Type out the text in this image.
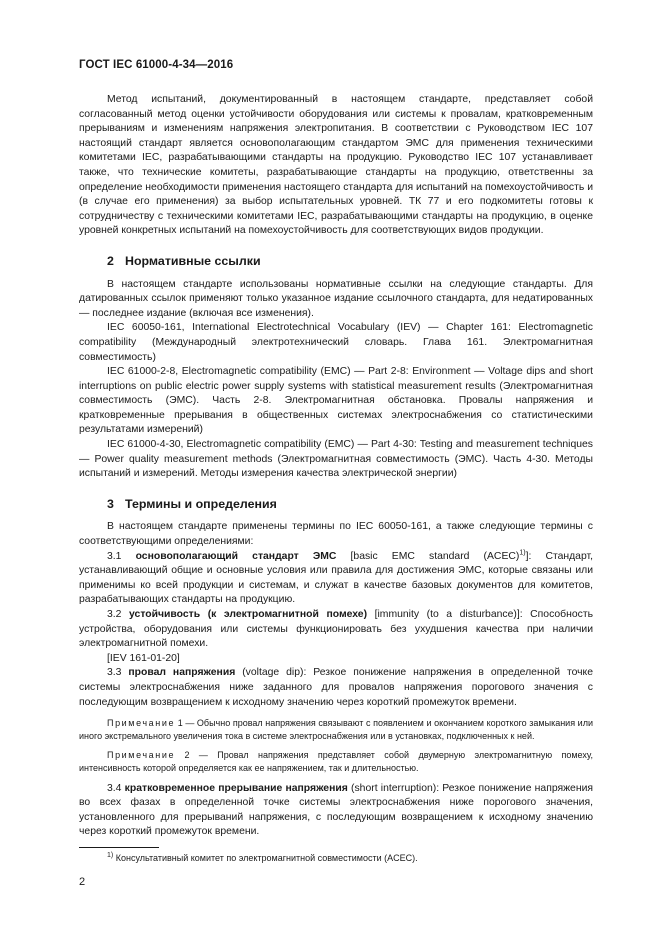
ГОСТ IEC 61000-4-34—2016

Метод испытаний, документированный в настоящем стандарте, представляет собой согласованный метод оценки устойчивости оборудования или системы к провалам, кратковременным прерываниям и изменениям напряжения электропитания. В соответствии с Руководством IEC 107 настоящий стандарт является основополагающим стандартом ЭМС для применения техническими комитетами IEC, разрабатывающими стандарты на продукцию. Руководство IEC 107 устанавливает также, что технические комитеты, разрабатывающие стандарты на продукцию, ответственны за определение необходимости применения настоящего стандарта для испытаний на помехоустойчивость и (в случае его применения) за выбор испытательных уровней. ТК 77 и его подкомитеты готовы к сотрудничеству с техническими комитетами IEC, разрабатывающими стандарты на продукцию, в оценке уровней конкретных испытаний на помехоустойчивость для соответствующих видов продукции.

2 Нормативные ссылки

В настоящем стандарте использованы нормативные ссылки на следующие стандарты. Для датированных ссылок применяют только указанное издание ссылочного стандарта, для недатированных — последнее издание (включая все изменения).

IEC 60050-161, International Electrotechnical Vocabulary (IEV) — Chapter 161: Electromagnetic compatibility (Международный электротехнический словарь. Глава 161. Электромагнитная совместимость)

IEC 61000-2-8, Electromagnetic compatibility (EMC) — Part 2-8: Environment — Voltage dips and short interruptions on public electric power supply systems with statistical measurement results (Электромагнитная совместимость (ЭМС). Часть 2-8. Электромагнитная обстановка. Провалы напряжения и кратковременные прерывания в общественных системах электроснабжения со статистическими результатами измерений)

IEC 61000-4-30, Electromagnetic compatibility (EMC) — Part 4-30: Testing and measurement techniques — Power quality measurement methods (Электромагнитная совместимость (ЭМС). Часть 4-30. Методы испытаний и измерений. Методы измерения качества электрической энергии)

3 Термины и определения

В настоящем стандарте применены термины по IEC 60050-161, а также следующие термины с соответствующими определениями:

3.1 основополагающий стандарт ЭМС [basic EMC standard (ACEC)$^{1)}$]: Стандарт, устанавливающий общие и основные условия или правила для достижения ЭМС, которые связаны или применимы ко всей продукции и системам, и служат в качестве базовых документов для комитетов, разрабатывающих стандарты на продукцию.

3.2 устойчивость (к электромагнитной помехе) [immunity (to a disturbance)]: Способность устройства, оборудования или системы функционировать без ухудшения качества при наличии электромагнитной помехи.

[IEV 161-01-20]

3.3 провал напряжения (voltage dip): Резкое понижение напряжения в определенной точке системы электроснабжения ниже заданного для провалов напряжения порогового значения с последующим возвращением к исходному значению через короткий промежуток времени.

Примечание 1 — Обычно провал напряжения связывают с появлением и окончанием короткого замыкания или иного экстремального увеличения тока в системе электроснабжения или в установках, подключенных к ней.

Примечание 2 — Провал напряжения представляет собой двумерную электромагнитную помеху, интенсивность которой определяется как ее напряжением, так и длительностью.

3.4 кратковременное прерывание напряжения (short interruption): Резкое понижение напряжения во всех фазах в определенной точке системы электроснабжения ниже порогового значения, установленного для прерываний напряжения, с последующим возвращением к исходному значению через короткий промежуток времени.

$^{1)}$ Консультативный комитет по электромагнитной совместимости (ACEC).
2
